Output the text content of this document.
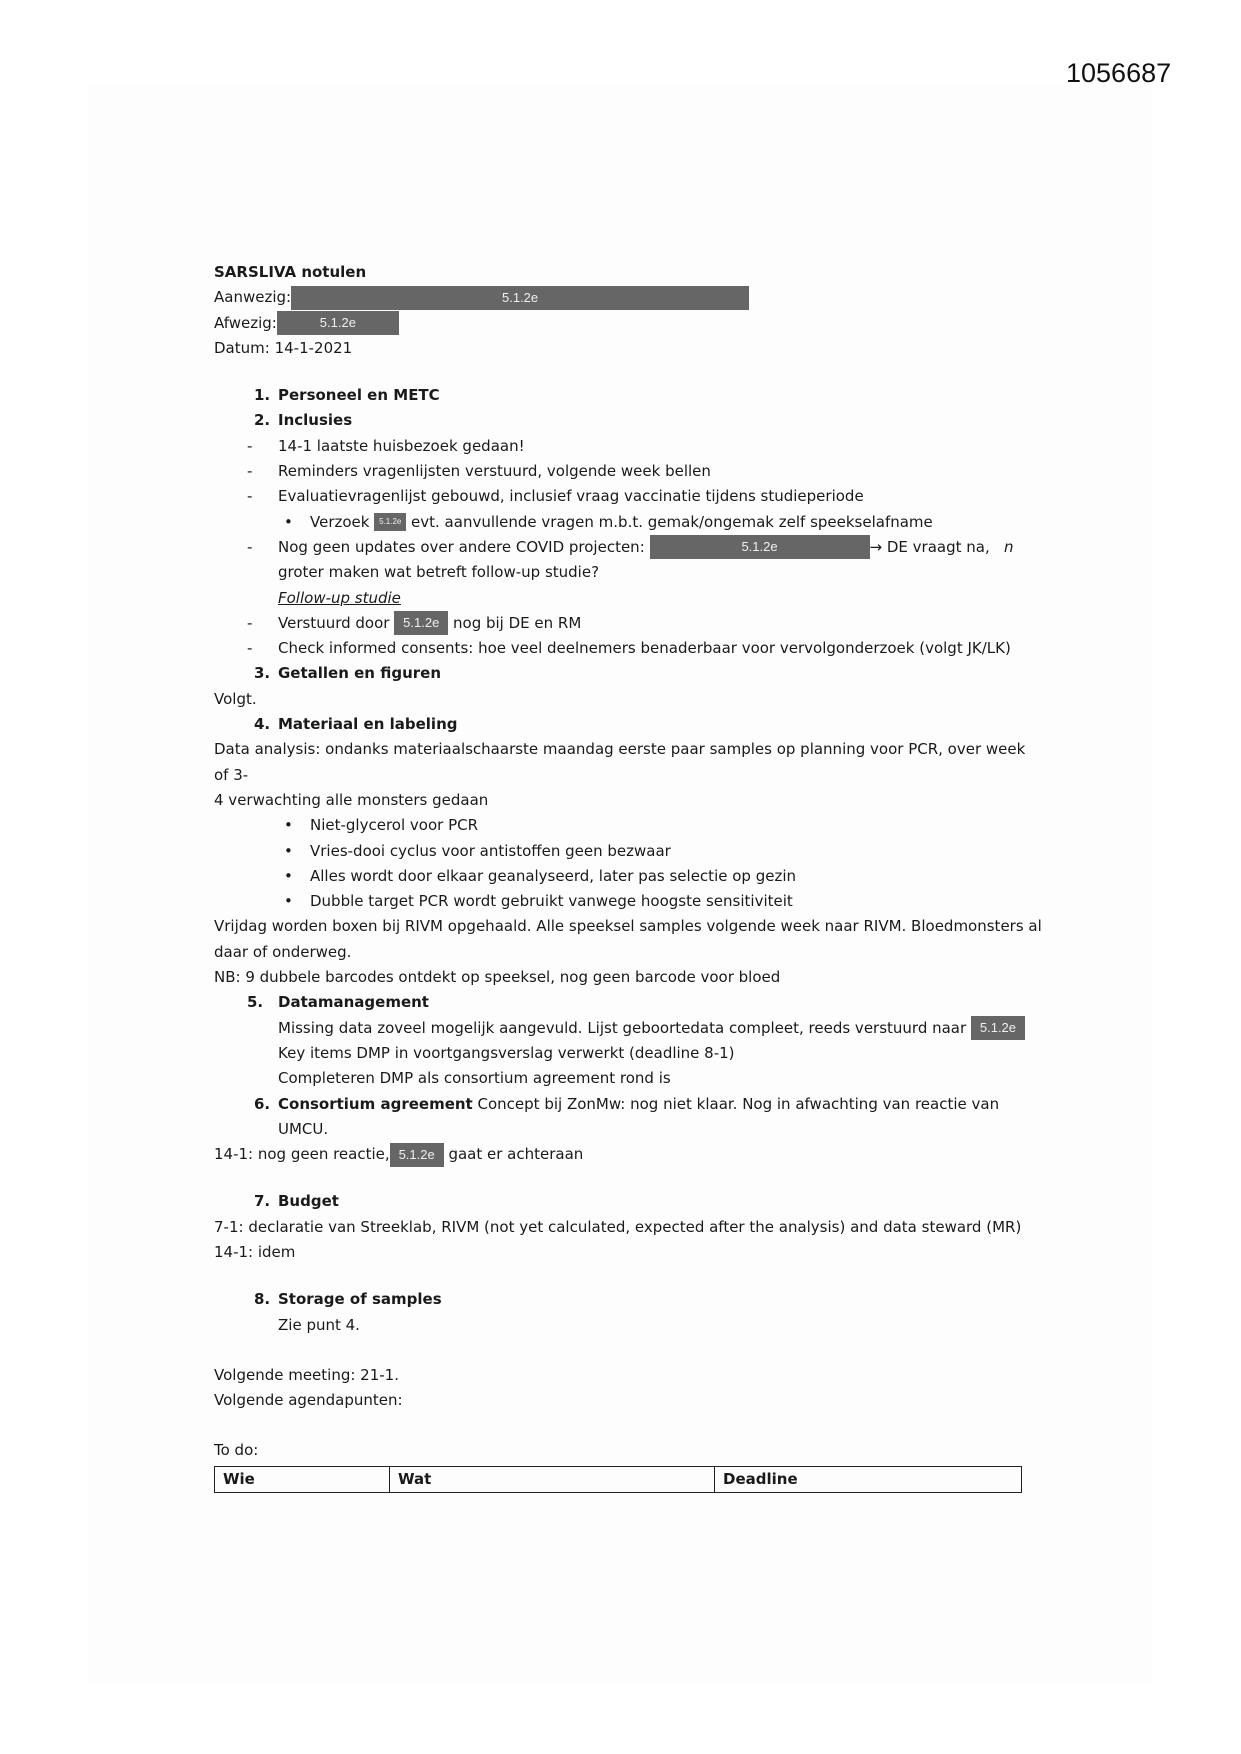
1056687

SARSLIVA notulen

Aanwezig:	5.1.2e

Afwezig:	5.1.2e

Datum: 14-1-2021

1. Personeel en METC

2. Inclusies

- 14-1 laatste huisbezoek gedaan!

- Reminders vragenlijsten verstuurd, volgende week bellen

- Evaluatievragenlijst gebouwd, inclusief vraag vaccinatie tijdens studieperiode

• Verzoek 5.1.2e evt. aanvullende vragen m.b.t. gemak/ongemak zelf speekselafname

- Nog geen updates over andere COVID projecten:	5.1.2e	→ DE vraagt na, n

groter maken wat betreft follow-up studie?

Follow-up studie

- Verstuurd door 5.1.2e nog bij DE en RM

- Check informed consents: hoe veel deelnemers benaderbaar voor vervolgonderzoek (volgt JK/LK)

3. Getallen en figuren

Volgt.

4. Materiaal en labeling

Data analysis: ondanks materiaalschaarste maandag eerste paar samples op planning voor PCR, over week of 3-

4 verwachting alle monsters gedaan

• Niet-glycerol voor PCR

• Vries-dooi cyclus voor antistoffen geen bezwaar

• Alles wordt door elkaar geanalyseerd, later pas selectie op gezin

• Dubble target PCR wordt gebruikt vanwege hoogste sensitiviteit

Vrijdag worden boxen bij RIVM opgehaald. Alle speeksel samples volgende week naar RIVM. Bloedmonsters al

daar of onderweg.

NB: 9 dubbele barcodes ontdekt op speeksel, nog geen barcode voor bloed

5. Datamanagement

Missing data zoveel mogelijk aangevuld. Lijst geboortedata compleet, reeds verstuurd naar 5.1.2e

Key items DMP in voortgangsverslag verwerkt (deadline 8-1)

Completeren DMP als consortium agreement rond is

6. Consortium agreement Concept bij ZonMw: nog niet klaar. Nog in afwachting van reactie van UMCU.

14-1: nog geen reactie, 5.1.2e gaat er achteraan

7. Budget

7-1: declaratie van Streeklab, RIVM (not yet calculated, expected after the analysis) and data steward (MR)

14-1: idem

8. Storage of samples

Zie punt 4.

Volgende meeting: 21-1.

Volgende agendapunten:

To do:

Wie	Wat	Deadline
